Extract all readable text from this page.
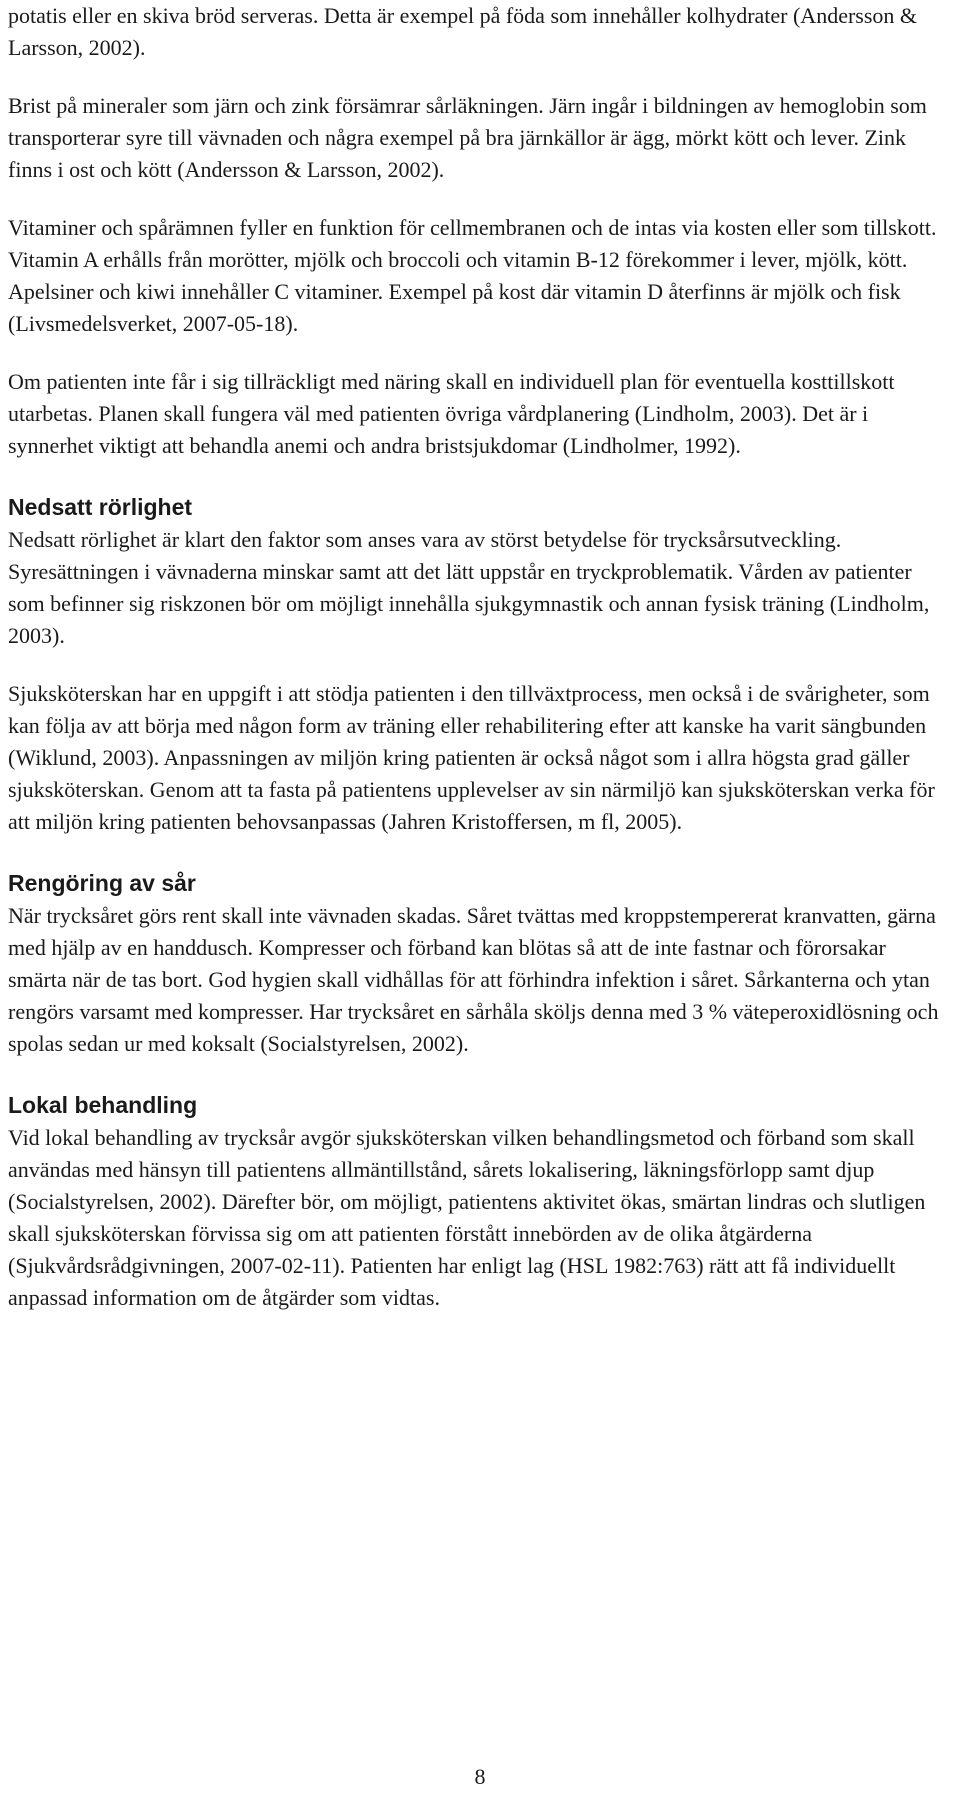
potatis eller en skiva bröd serveras. Detta är exempel på föda som innehåller kolhydrater (Andersson & Larsson, 2002).

Brist på mineraler som järn och zink försämrar sårläkningen. Järn ingår i bildningen av hemoglobin som transporterar syre till vävnaden och några exempel på bra järnkällor är ägg, mörkt kött och lever. Zink finns i ost och kött (Andersson & Larsson, 2002).

Vitaminer och spårämnen fyller en funktion för cellmembranen och de intas via kosten eller som tillskott. Vitamin A erhålls från morötter, mjölk och broccoli och vitamin B-12 förekommer i lever, mjölk, kött. Apelsiner och kiwi innehåller C vitaminer. Exempel på kost där vitamin D återfinns är mjölk och fisk (Livsmedelsverket, 2007-05-18).

Om patienten inte får i sig tillräckligt med näring skall en individuell plan för eventuella kosttillskott utarbetas. Planen skall fungera väl med patienten övriga vårdplanering (Lindholm, 2003). Det är i synnerhet viktigt att behandla anemi och andra bristsjukdomar (Lindholmer, 1992).

Nedsatt rörlighet

Nedsatt rörlighet är klart den faktor som anses vara av störst betydelse för trycksårsutveckling. Syresättningen i vävnaderna minskar samt att det lätt uppstår en tryckproblematik. Vården av patienter som befinner sig riskzonen bör om möjligt innehålla sjukgymnastik och annan fysisk träning (Lindholm, 2003).

Sjuksköterskan har en uppgift i att stödja patienten i den tillväxtprocess, men också i de svårigheter, som kan följa av att börja med någon form av träning eller rehabilitering efter att kanske ha varit sängbunden (Wiklund, 2003). Anpassningen av miljön kring patienten är också något som i allra högsta grad gäller sjuksköterskan. Genom att ta fasta på patientens upplevelser av sin närmiljö kan sjuksköterskan verka för att miljön kring patienten behovsanpassas (Jahren Kristoffersen, m fl, 2005).

Rengöring av sår

När trycksåret görs rent skall inte vävnaden skadas. Såret tvättas med kroppstempererat kranvatten, gärna med hjälp av en handdusch. Kompresser och förband kan blötas så att de inte fastnar och förorsakar smärta när de tas bort. God hygien skall vidhållas för att förhindra infektion i såret. Sårkanterna och ytan rengörs varsamt med kompresser. Har trycksåret en sårhåla sköljs denna med 3 % väteperoxidlösning och spolas sedan ur med koksalt (Socialstyrelsen, 2002).

Lokal behandling

Vid lokal behandling av trycksår avgör sjuksköterskan vilken behandlingsmetod och förband som skall användas med hänsyn till patientens allmäntillstånd, sårets lokalisering, läkningsförlopp samt djup (Socialstyrelsen, 2002). Därefter bör, om möjligt, patientens aktivitet ökas, smärtan lindras och slutligen skall sjuksköterskan förvissa sig om att patienten förstått innebörden av de olika åtgärderna (Sjukvårdsrådgivningen, 2007-02-11). Patienten har enligt lag (HSL 1982:763) rätt att få individuellt anpassad information om de åtgärder som vidtas.

8
